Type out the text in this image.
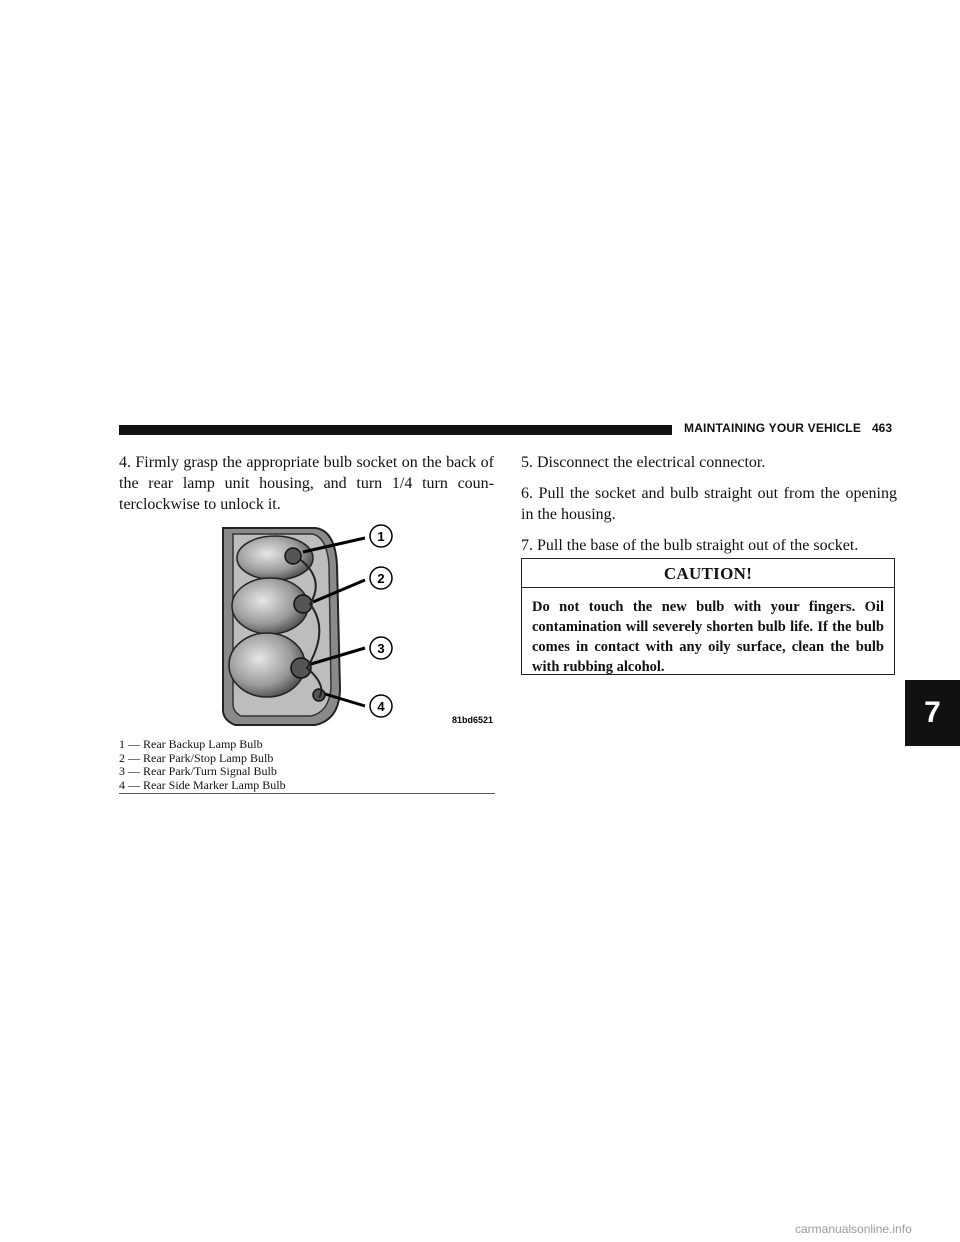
MAINTAINING YOUR VEHICLE 463

4. Firmly grasp the appropriate bulb socket on the back of the rear lamp unit housing, and turn 1/4 turn coun-terclockwise to unlock it.

1
2
3
4
81bd6521
1 — Rear Backup Lamp Bulb
2 — Rear Park/Stop Lamp Bulb
3 — Rear Park/Turn Signal Bulb
4 — Rear Side Marker Lamp Bulb

5. Disconnect the electrical connector.

6. Pull the socket and bulb straight out from the opening in the housing.

7. Pull the base of the bulb straight out of the socket.

CAUTION!
Do not touch the new bulb with your fingers. Oil contamination will severely shorten bulb life. If the bulb comes in contact with any oily surface, clean the bulb with rubbing alcohol.
7
carmanualsonline.info
